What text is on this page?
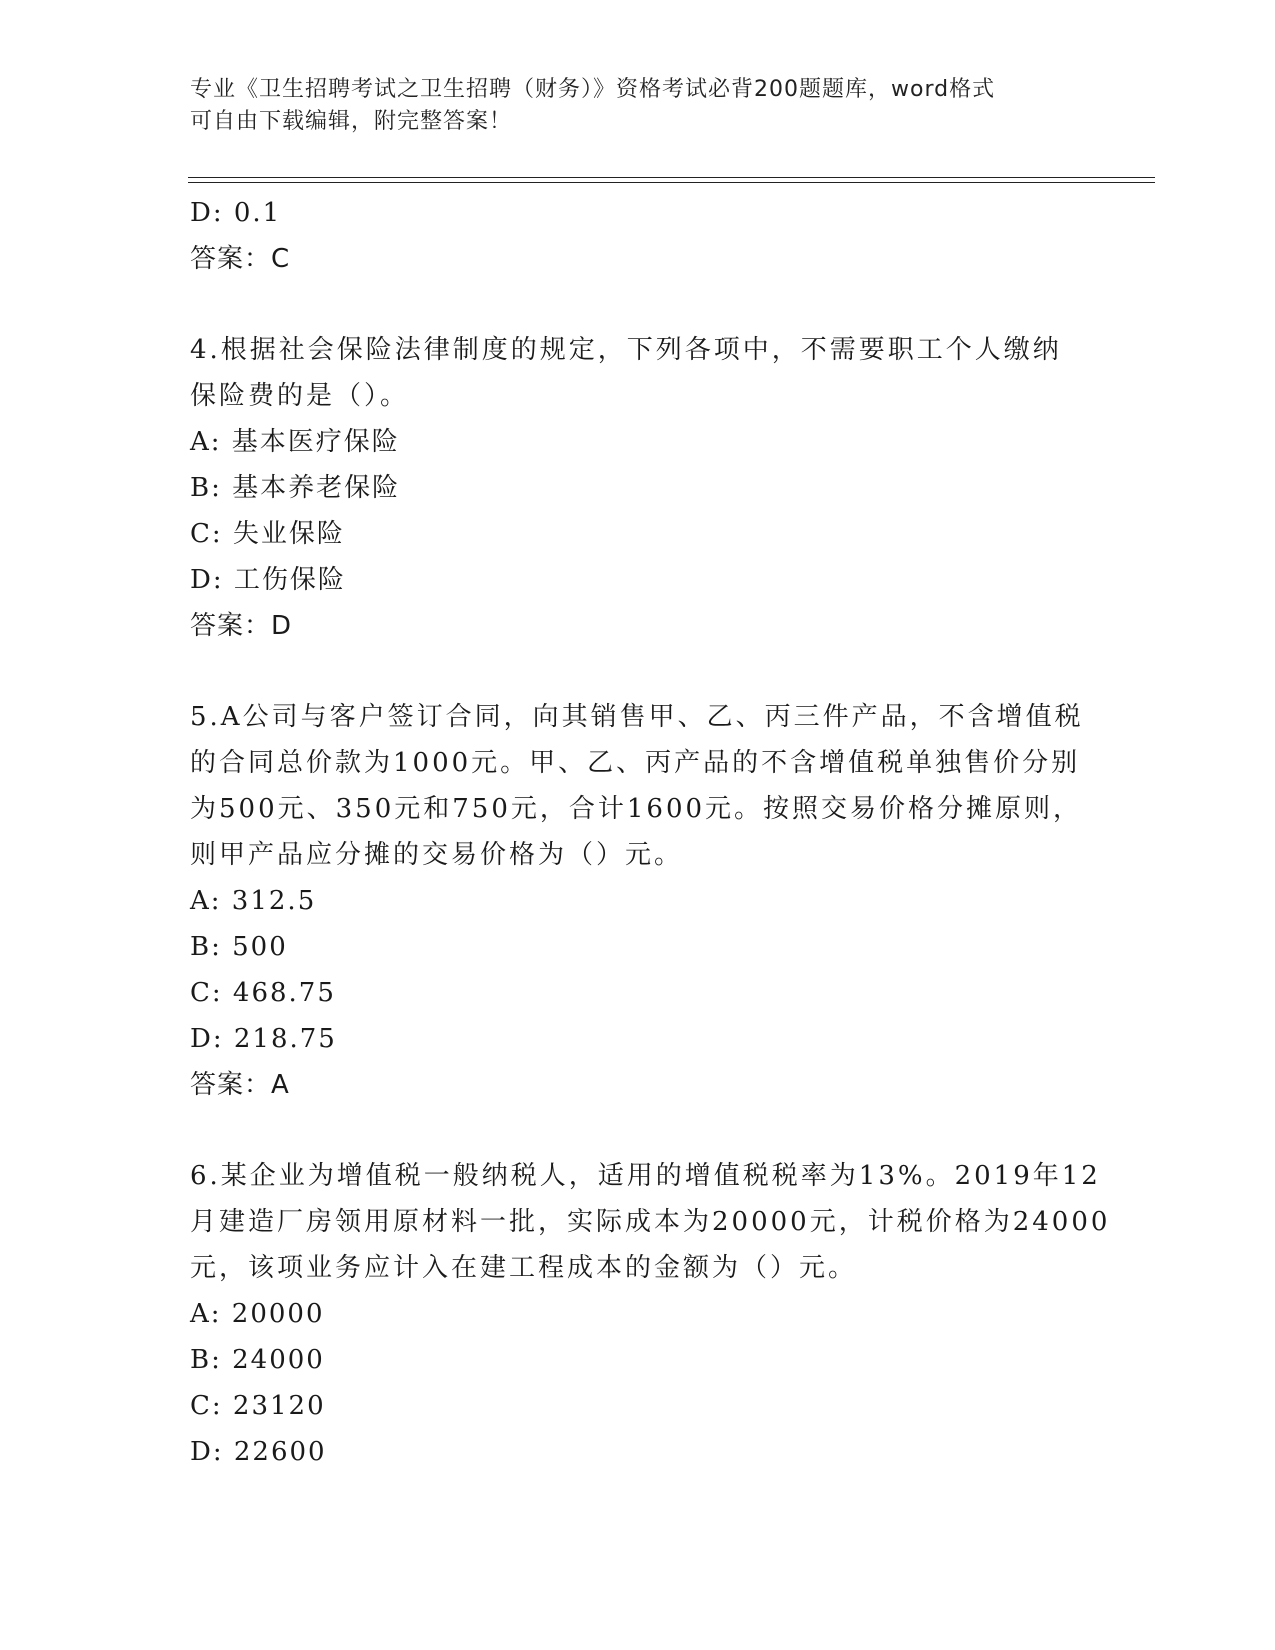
专业《卫生招聘考试之卫生招聘（财务）》资格考试必背200题题库，word格式
可自由下载编辑，附完整答案！
D: 0.1
答案：C
4.根据社会保险法律制度的规定，下列各项中，不需要职工个人缴纳
保险费的是（）。
A: 基本医疗保险
B: 基本养老保险
C: 失业保险
D: 工伤保险
答案：D
5.A公司与客户签订合同，向其销售甲、乙、丙三件产品，不含增值税
的合同总价款为1000元。甲、乙、丙产品的不含增值税单独售价分别
为500元、350元和750元，合计1600元。按照交易价格分摊原则，
则甲产品应分摊的交易价格为（）元。
A: 312.5
B: 500
C: 468.75
D: 218.75
答案：A
6.某企业为增值税一般纳税人，适用的增值税税率为13%。2019年12
月建造厂房领用原材料一批，实际成本为20000元，计税价格为24000
元，该项业务应计入在建工程成本的金额为（）元。
A: 20000
B: 24000
C: 23120
D: 22600
